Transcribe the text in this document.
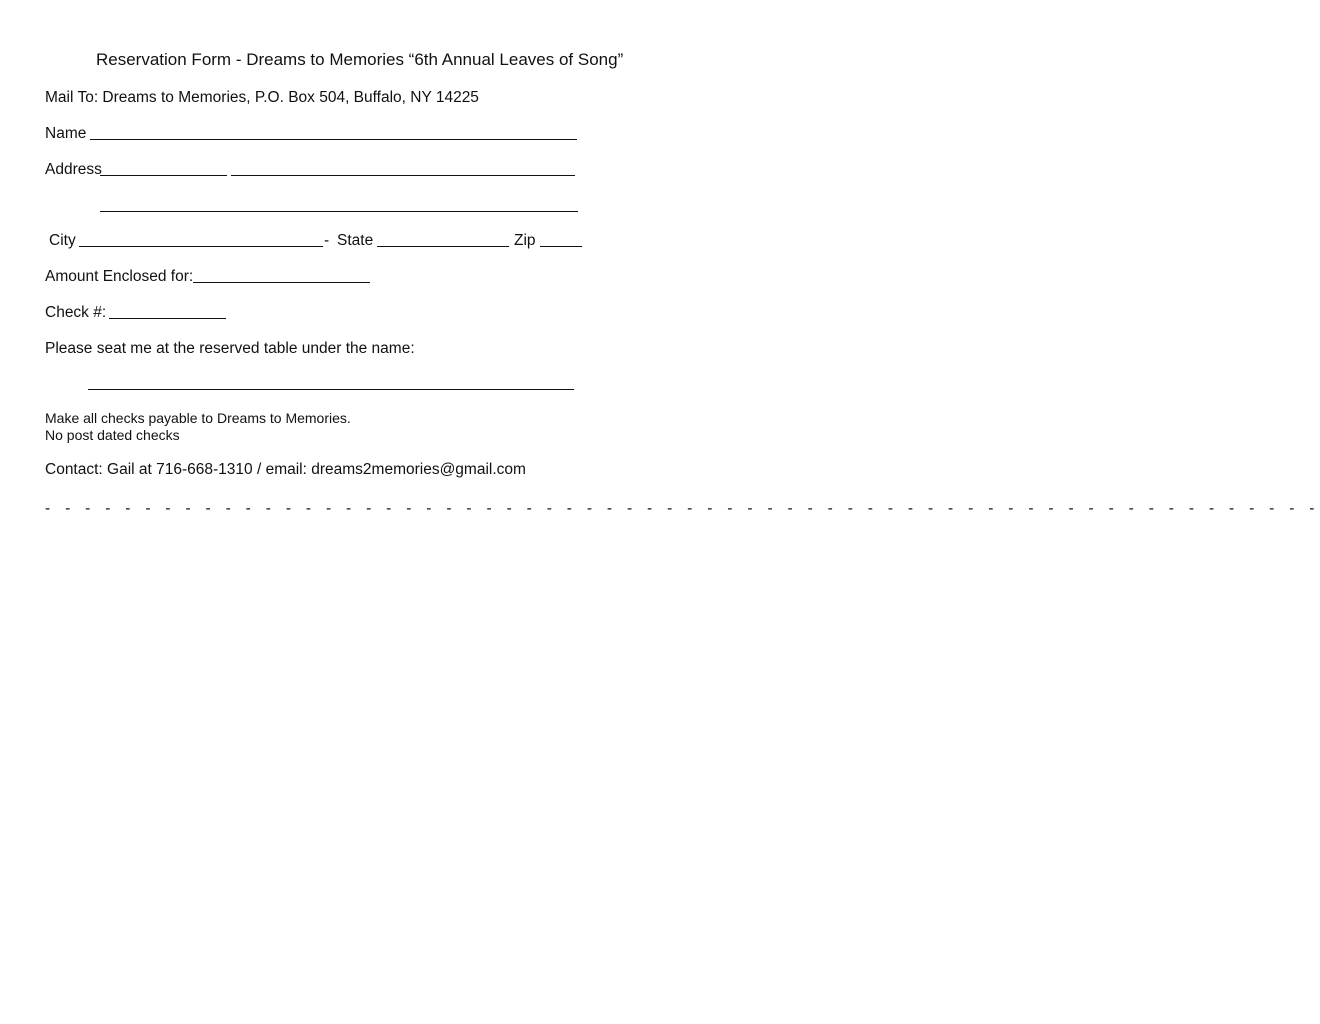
Reservation Form - Dreams to Memories “6th Annual Leaves of Song”
Mail To: Dreams to Memories, P.O. Box 504, Buffalo, NY 14225
Name
Address
City	- State	Zip
Amount Enclosed for:
Check #:
Please seat me at the reserved table under the name:
Make all checks payable to Dreams to Memories.
No post dated checks
Contact: Gail at 716-668-1310 / email: dreams2memories@gmail.com
- - - - - - - - - - - - - - - - - - - - - - - - - - - - - - - - - - - - - - - - - - - - - - - - - - - - - - - - - - - - - - - -
